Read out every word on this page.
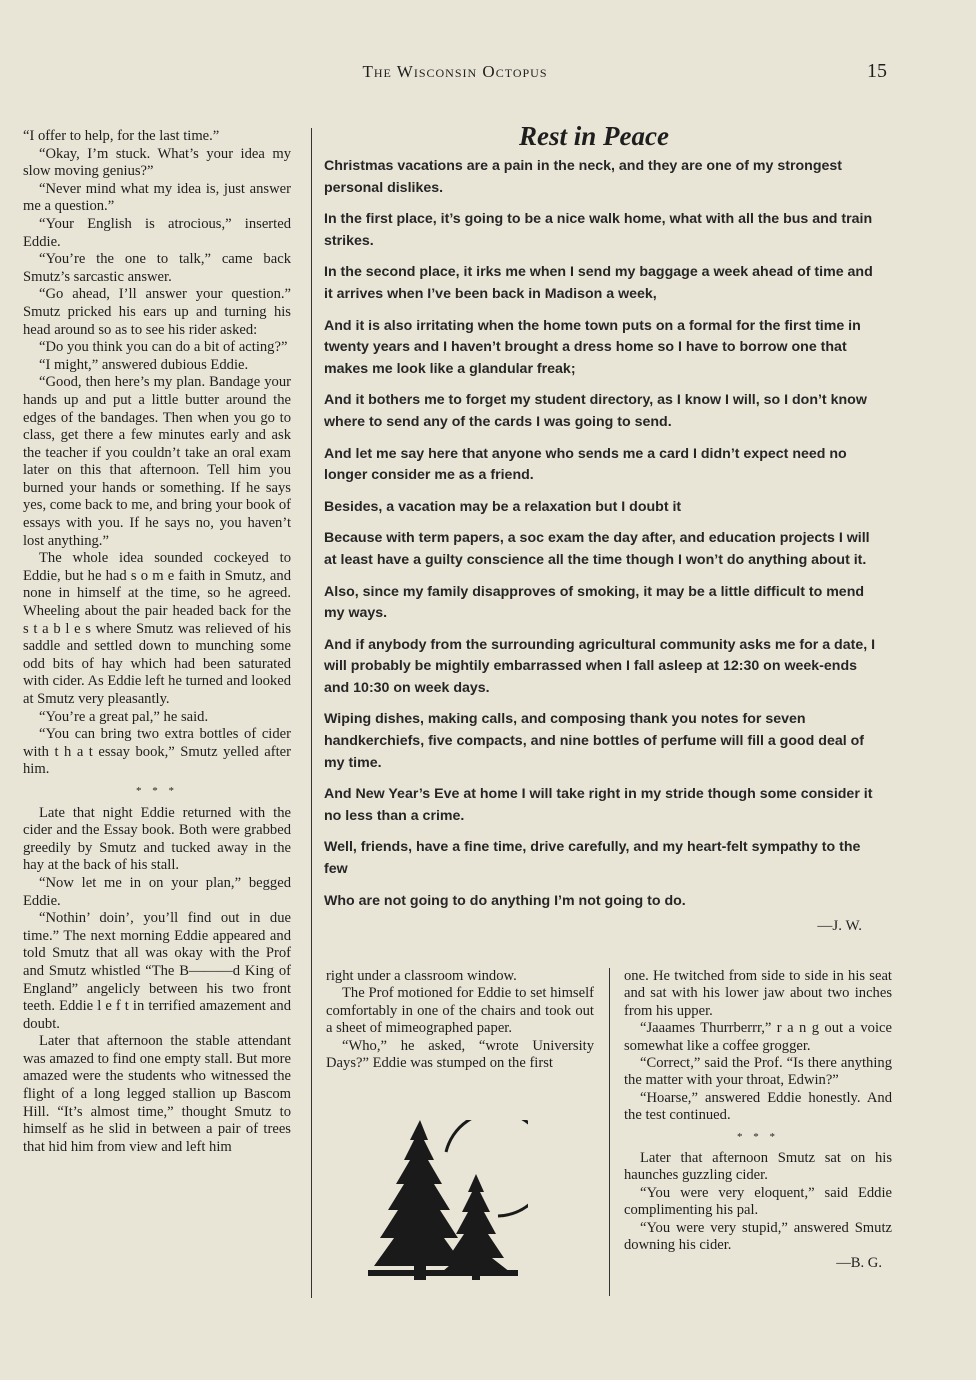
The Wisconsin Octopus	15

“I offer to help, for the last time.”

“Okay, I’m stuck. What’s your idea my slow moving genius?”

“Never mind what my idea is, just answer me a question.”

“Your English is atrocious,” inserted Eddie.

“You’re the one to talk,” came back Smutz’s sarcastic answer.

“Go ahead, I’ll answer your question.” Smutz pricked his ears up and turning his head around so as to see his rider asked:

“Do you think you can do a bit of acting?”

“I might,” answered dubious Eddie.

“Good, then here’s my plan. Bandage your hands up and put a little butter around the edges of the bandages. Then when you go to class, get there a few minutes early and ask the teacher if you couldn’t take an oral exam later on this that afternoon. Tell him you burned your hands or something. If he says yes, come back to me, and bring your book of essays with you. If he says no, you haven’t lost anything.”

The whole idea sounded cockeyed to Eddie, but he had s o m e faith in Smutz, and none in himself at the time, so he agreed. Wheeling about the pair headed back for the s t a b l e s where Smutz was relieved of his saddle and settled down to munching some odd bits of hay which had been saturated with cider. As Eddie left he turned and looked at Smutz very pleasantly.

“You’re a great pal,” he said.

“You can bring two extra bottles of cider with t h a t essay book,” Smutz yelled after him.

* * *

Late that night Eddie returned with the cider and the Essay book. Both were grabbed greedily by Smutz and tucked away in the hay at the back of his stall.

“Now let me in on your plan,” begged Eddie.

“Nothin’ doin’, you’ll find out in due time.” The next morning Eddie appeared and told Smutz that all was okay with the Prof and Smutz whistled “The B———d King of England” angelicly between his two front teeth. Eddie l e f t in terrified amazement and doubt.

Later that afternoon the stable attendant was amazed to find one empty stall. But more amazed were the students who witnessed the flight of a long legged stallion up Bascom Hill. “It’s almost time,” thought Smutz to himself as he slid in between a pair of trees that hid him from view and left him

Rest in Peace

Christmas vacations are a pain in the neck, and they are one of my strongest personal dislikes.

In the first place, it’s going to be a nice walk home, what with all the bus and train strikes.

In the second place, it irks me when I send my baggage a week ahead of time and it arrives when I’ve been back in Madison a week,

And it is also irritating when the home town puts on a formal for the first time in twenty years and I haven’t brought a dress home so I have to borrow one that makes me look like a glandular freak;

And it bothers me to forget my student directory, as I know I will, so I don’t know where to send any of the cards I was going to send.

And let me say here that anyone who sends me a card I didn’t expect need no longer consider me as a friend.

Besides, a vacation may be a relaxation but I doubt it

Because with term papers, a soc exam the day after, and education projects I will at least have a guilty conscience all the time though I won’t do anything about it.

Also, since my family disapproves of smoking, it may be a little difficult to mend my ways.

And if anybody from the surrounding agricultural community asks me for a date, I will probably be mightily embarrassed when I fall asleep at 12:30 on week-ends and 10:30 on week days.

Wiping dishes, making calls, and composing thank you notes for seven handkerchiefs, five compacts, and nine bottles of perfume will fill a good deal of my time.

And New Year’s Eve at home I will take right in my stride though some consider it no less than a crime.

Well, friends, have a fine time, drive carefully, and my heart-felt sympathy to the few

Who are not going to do anything I’m not going to do.

—J. W.

right under a classroom window.

The Prof motioned for Eddie to set himself comfortably in one of the chairs and took out a sheet of mimeographed paper.

“Who,” he asked, “wrote University Days?” Eddie was stumped on the first

one. He twitched from side to side in his seat and sat with his lower jaw about two inches from his upper.

“Jaaames Thurrberrr,” r a n g out a voice somewhat like a coffee grogger.

“Correct,” said the Prof. “Is there anything the matter with your throat, Edwin?”

“Hoarse,” answered Eddie honestly. And the test continued.

* * *

Later that afternoon Smutz sat on his haunches guzzling cider.

“You were very eloquent,” said Eddie complimenting his pal.

“You were very stupid,” answered Smutz downing his cider.

—B. G.
